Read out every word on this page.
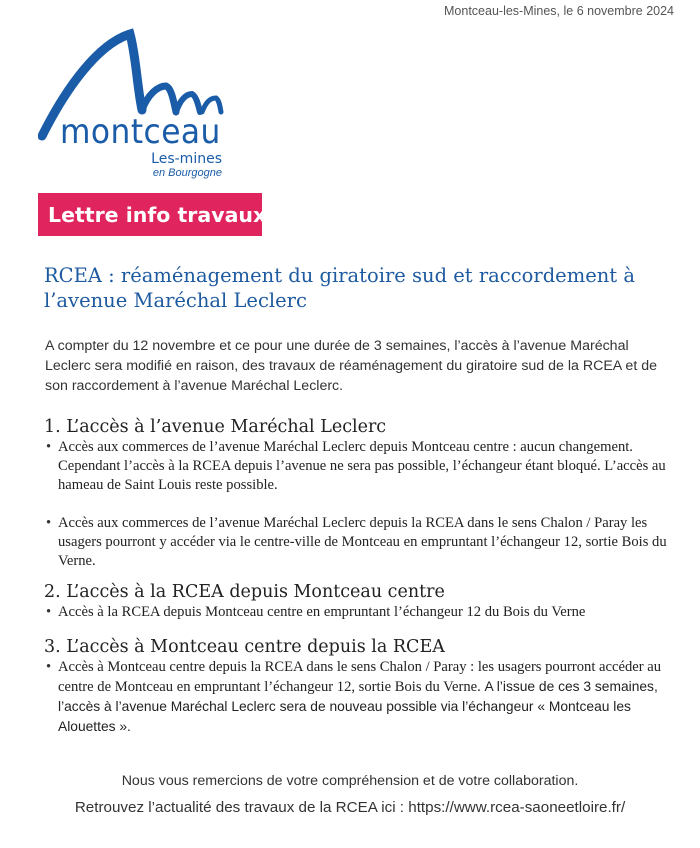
Montceau-les-Mines, le 6 novembre 2024
montceau
Les-mines
en Bourgogne
Lettre info travaux
RCEA : réaménagement du giratoire sud et raccordement à l’avenue Maréchal Leclerc

A compter du 12 novembre et ce pour une durée de 3 semaines, l’accès à l’avenue Maréchal Leclerc sera modifié en raison, des travaux de réaménagement du giratoire sud de la RCEA et de son raccordement à l’avenue Maréchal Leclerc.

1. L’accès à l’avenue Maréchal Leclerc
• Accès aux commerces de l’avenue Maréchal Leclerc depuis Montceau centre : aucun changement. Cependant l’accès à la RCEA depuis l’avenue ne sera pas possible, l’échangeur étant bloqué. L’accès au hameau de Saint Louis reste possible.
• Accès aux commerces de l’avenue Maréchal Leclerc depuis la RCEA dans le sens Chalon / Paray les usagers pourront y accéder via le centre-ville de Montceau en empruntant l’échangeur 12, sortie Bois du Verne.
2. L’accès à la RCEA depuis Montceau centre
• Accès à la RCEA depuis Montceau centre en empruntant l’échangeur 12 du Bois du Verne
3. L’accès à Montceau centre depuis la RCEA
• Accès à Montceau centre depuis la RCEA dans le sens Chalon / Paray : les usagers pourront accéder au centre de Montceau en empruntant l’échangeur 12, sortie Bois du Verne. A l’issue de ces 3 semaines, l’accès à l’avenue Maréchal Leclerc sera de nouveau possible via l’échangeur « Montceau les Alouettes ».
Nous vous remercions de votre compréhension et de votre collaboration.
Retrouvez l’actualité des travaux de la RCEA ici : https://www.rcea-saoneetloire.fr/
